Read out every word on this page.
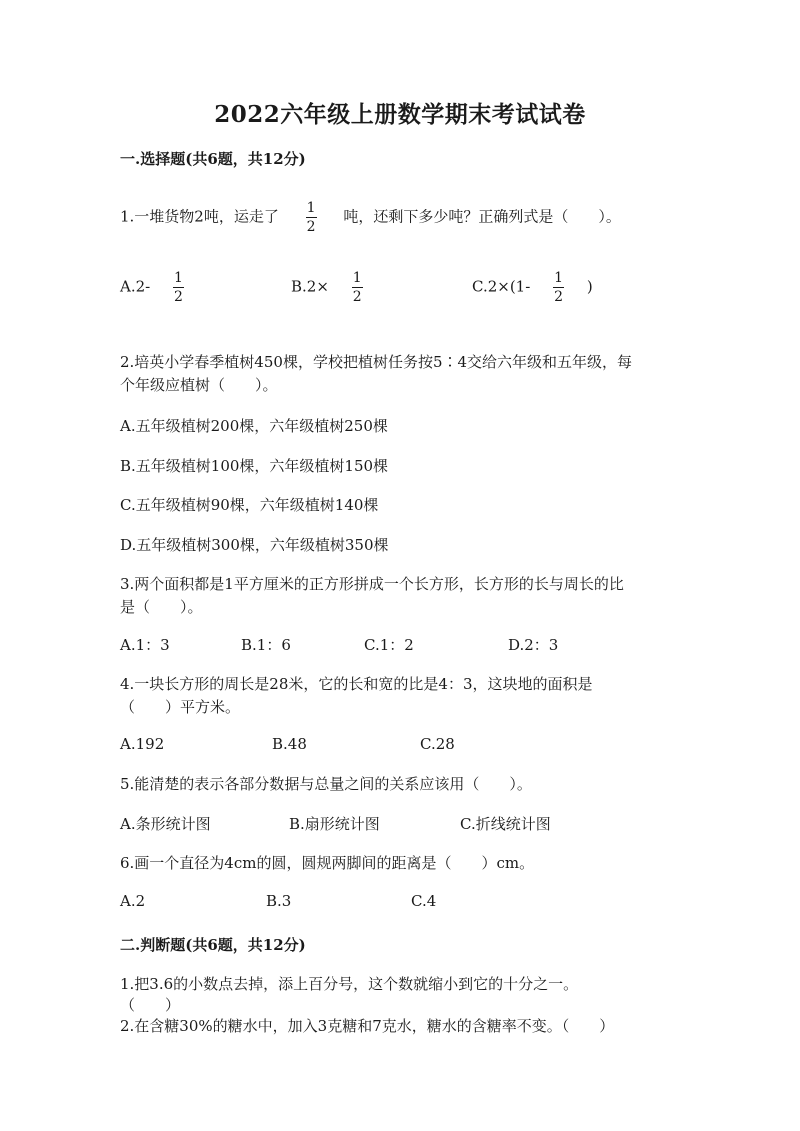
2022六年级上册数学期末考试试卷
一.选择题(共6题，共12分)
1.一堆货物2吨，运走了 $\frac{1}{2}$ 吨，还剩下多少吨？正确列式是（　　）。
$A.2- \frac{1}{2}$	$B.2\times \frac{1}{2}$	$C.2\times(1- \frac{1}{2}$ )
2.培英小学春季植树450棵，学校把植树任务按5∶4交给六年级和五年级，每
个年级应植树（　　）。
A.五年级植树200棵，六年级植树250棵
B.五年级植树100棵，六年级植树150棵
C.五年级植树90棵，六年级植树140棵
D.五年级植树300棵，六年级植树350棵
3.两个面积都是1平方厘米的正方形拼成一个长方形，长方形的长与周长的比
是（　　）。
A.1：3	B.1：6	C.1：2	D.2：3
4.一块长方形的周长是28米，它的长和宽的比是4：3，这块地的面积是
（　　）平方米。
A.192	B.48	C.28
5.能清楚的表示各部分数据与总量之间的关系应该用（　　）。
A.条形统计图	B.扇形统计图	C.折线统计图
6.画一个直径为4cm的圆，圆规两脚间的距离是（　　）cm。
A.2	B.3	C.4
二.判断题(共6题，共12分)
1.把3.6的小数点去掉，添上百分号，这个数就缩小到它的十分之一。
（　　）
2.在含糖30%的糖水中，加入3克糖和7克水，糖水的含糖率不变。（　　）
